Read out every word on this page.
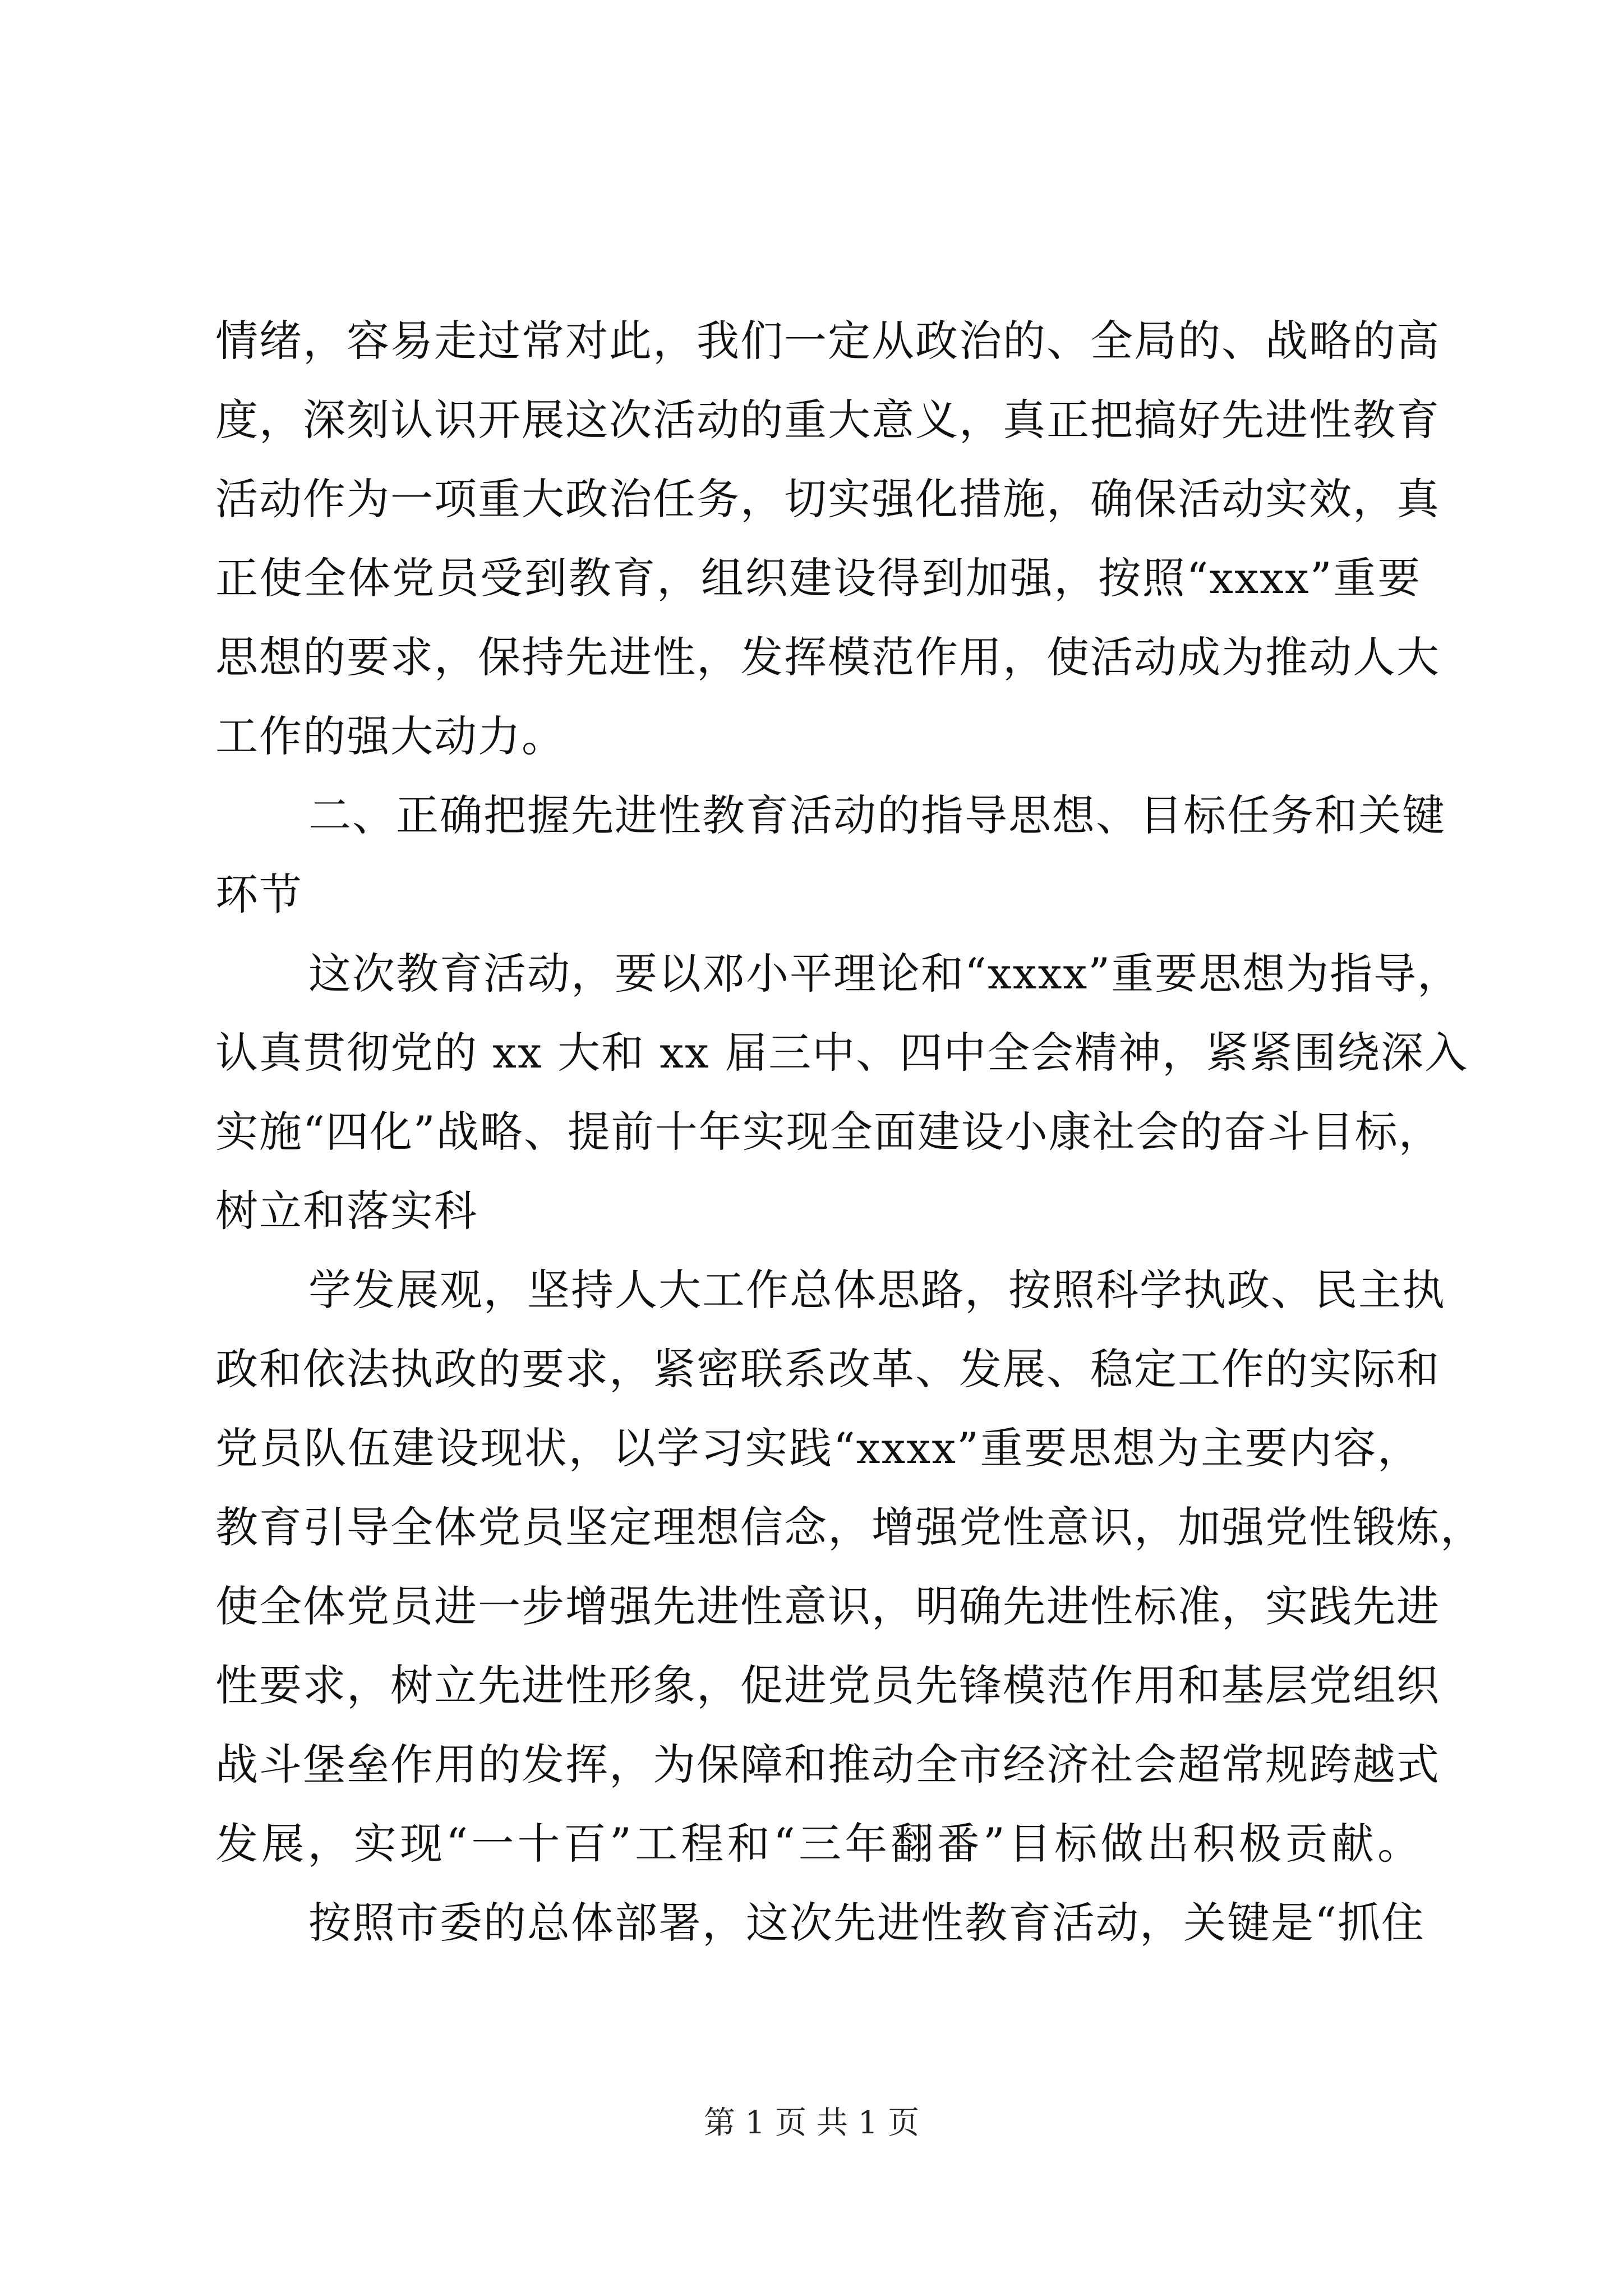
情绪，容易走过常对此，我们一定从政治的、全局的、战略的高
度，深刻认识开展这次活动的重大意义，真正把搞好先进性教育
活动作为一项重大政治任务，切实强化措施，确保活动实效，真
正使全体党员受到教育，组织建设得到加强，按照“xxxx”重要
思想的要求，保持先进性，发挥模范作用，使活动成为推动人大
工作的强大动力。
二、正确把握先进性教育活动的指导思想、目标任务和关键
环节
这次教育活动，要以邓小平理论和“xxxx”重要思想为指导，
认真贯彻党的 xx 大和 xx 届三中、四中全会精神，紧紧围绕深入
实施“四化”战略、提前十年实现全面建设小康社会的奋斗目标，
树立和落实科
学发展观，坚持人大工作总体思路，按照科学执政、民主执
政和依法执政的要求，紧密联系改革、发展、稳定工作的实际和
党员队伍建设现状，以学习实践“xxxx”重要思想为主要内容，
教育引导全体党员坚定理想信念，增强党性意识，加强党性锻炼，
使全体党员进一步增强先进性意识，明确先进性标准，实践先进
性要求，树立先进性形象，促进党员先锋模范作用和基层党组织
战斗堡垒作用的发挥，为保障和推动全市经济社会超常规跨越式
发展，实现“一十百”工程和“三年翻番”目标做出积极贡献。
按照市委的总体部署，这次先进性教育活动，关键是“抓住
第 1 页 共 1 页
